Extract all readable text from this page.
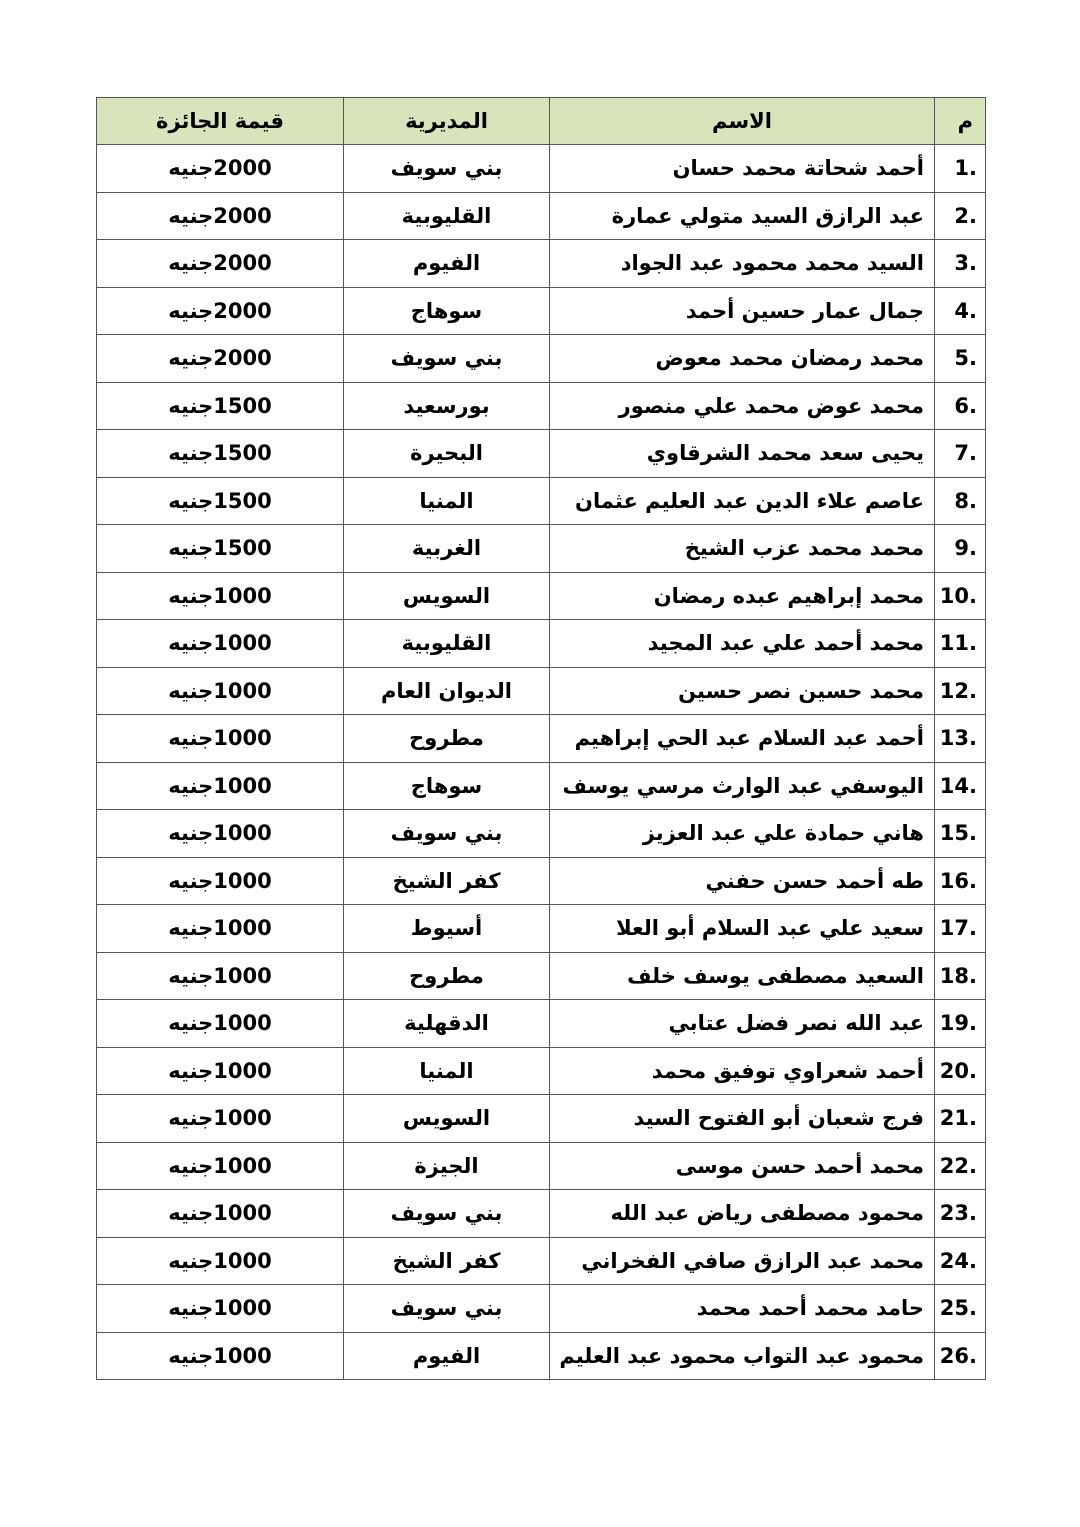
م	الاسم	المديرية	قيمة الجائزة
1.	أحمد شحاتة محمد حسان	بني سويف	2000جنيه
2.	عبد الرازق السيد متولي عمارة	القليوبية	2000جنيه
3.	السيد محمد محمود عبد الجواد	الفيوم	2000جنيه
4.	جمال عمار حسين أحمد	سوهاج	2000جنيه
5.	محمد رمضان محمد معوض	بني سويف	2000جنيه
6.	محمد عوض محمد علي منصور	بورسعيد	1500جنيه
7.	يحيى سعد محمد الشرقاوي	البحيرة	1500جنيه
8.	عاصم علاء الدين عبد العليم عثمان	المنيا	1500جنيه
9.	محمد محمد عزب الشيخ	الغربية	1500جنيه
10.	محمد إبراهيم عبده رمضان	السويس	1000جنيه
11.	محمد أحمد علي عبد المجيد	القليوبية	1000جنيه
12.	محمد حسين نصر حسين	الديوان العام	1000جنيه
13.	أحمد عبد السلام عبد الحي إبراهيم	مطروح	1000جنيه
14.	اليوسفي عبد الوارث مرسي يوسف	سوهاج	1000جنيه
15.	هاني حمادة علي عبد العزيز	بني سويف	1000جنيه
16.	طه أحمد حسن حفني	كفر الشيخ	1000جنيه
17.	سعيد علي عبد السلام أبو العلا	أسيوط	1000جنيه
18.	السعيد مصطفى يوسف خلف	مطروح	1000جنيه
19.	عبد الله نصر فضل عتابي	الدقهلية	1000جنيه
20.	أحمد شعراوي توفيق محمد	المنيا	1000جنيه
21.	فرج شعبان أبو الفتوح السيد	السويس	1000جنيه
22.	محمد أحمد حسن موسى	الجيزة	1000جنيه
23.	محمود مصطفى رياض عبد الله	بني سويف	1000جنيه
24.	محمد عبد الرازق صافي الفخراني	كفر الشيخ	1000جنيه
25.	حامد محمد أحمد محمد	بني سويف	1000جنيه
26.	محمود عبد التواب محمود عبد العليم	الفيوم	1000جنيه
